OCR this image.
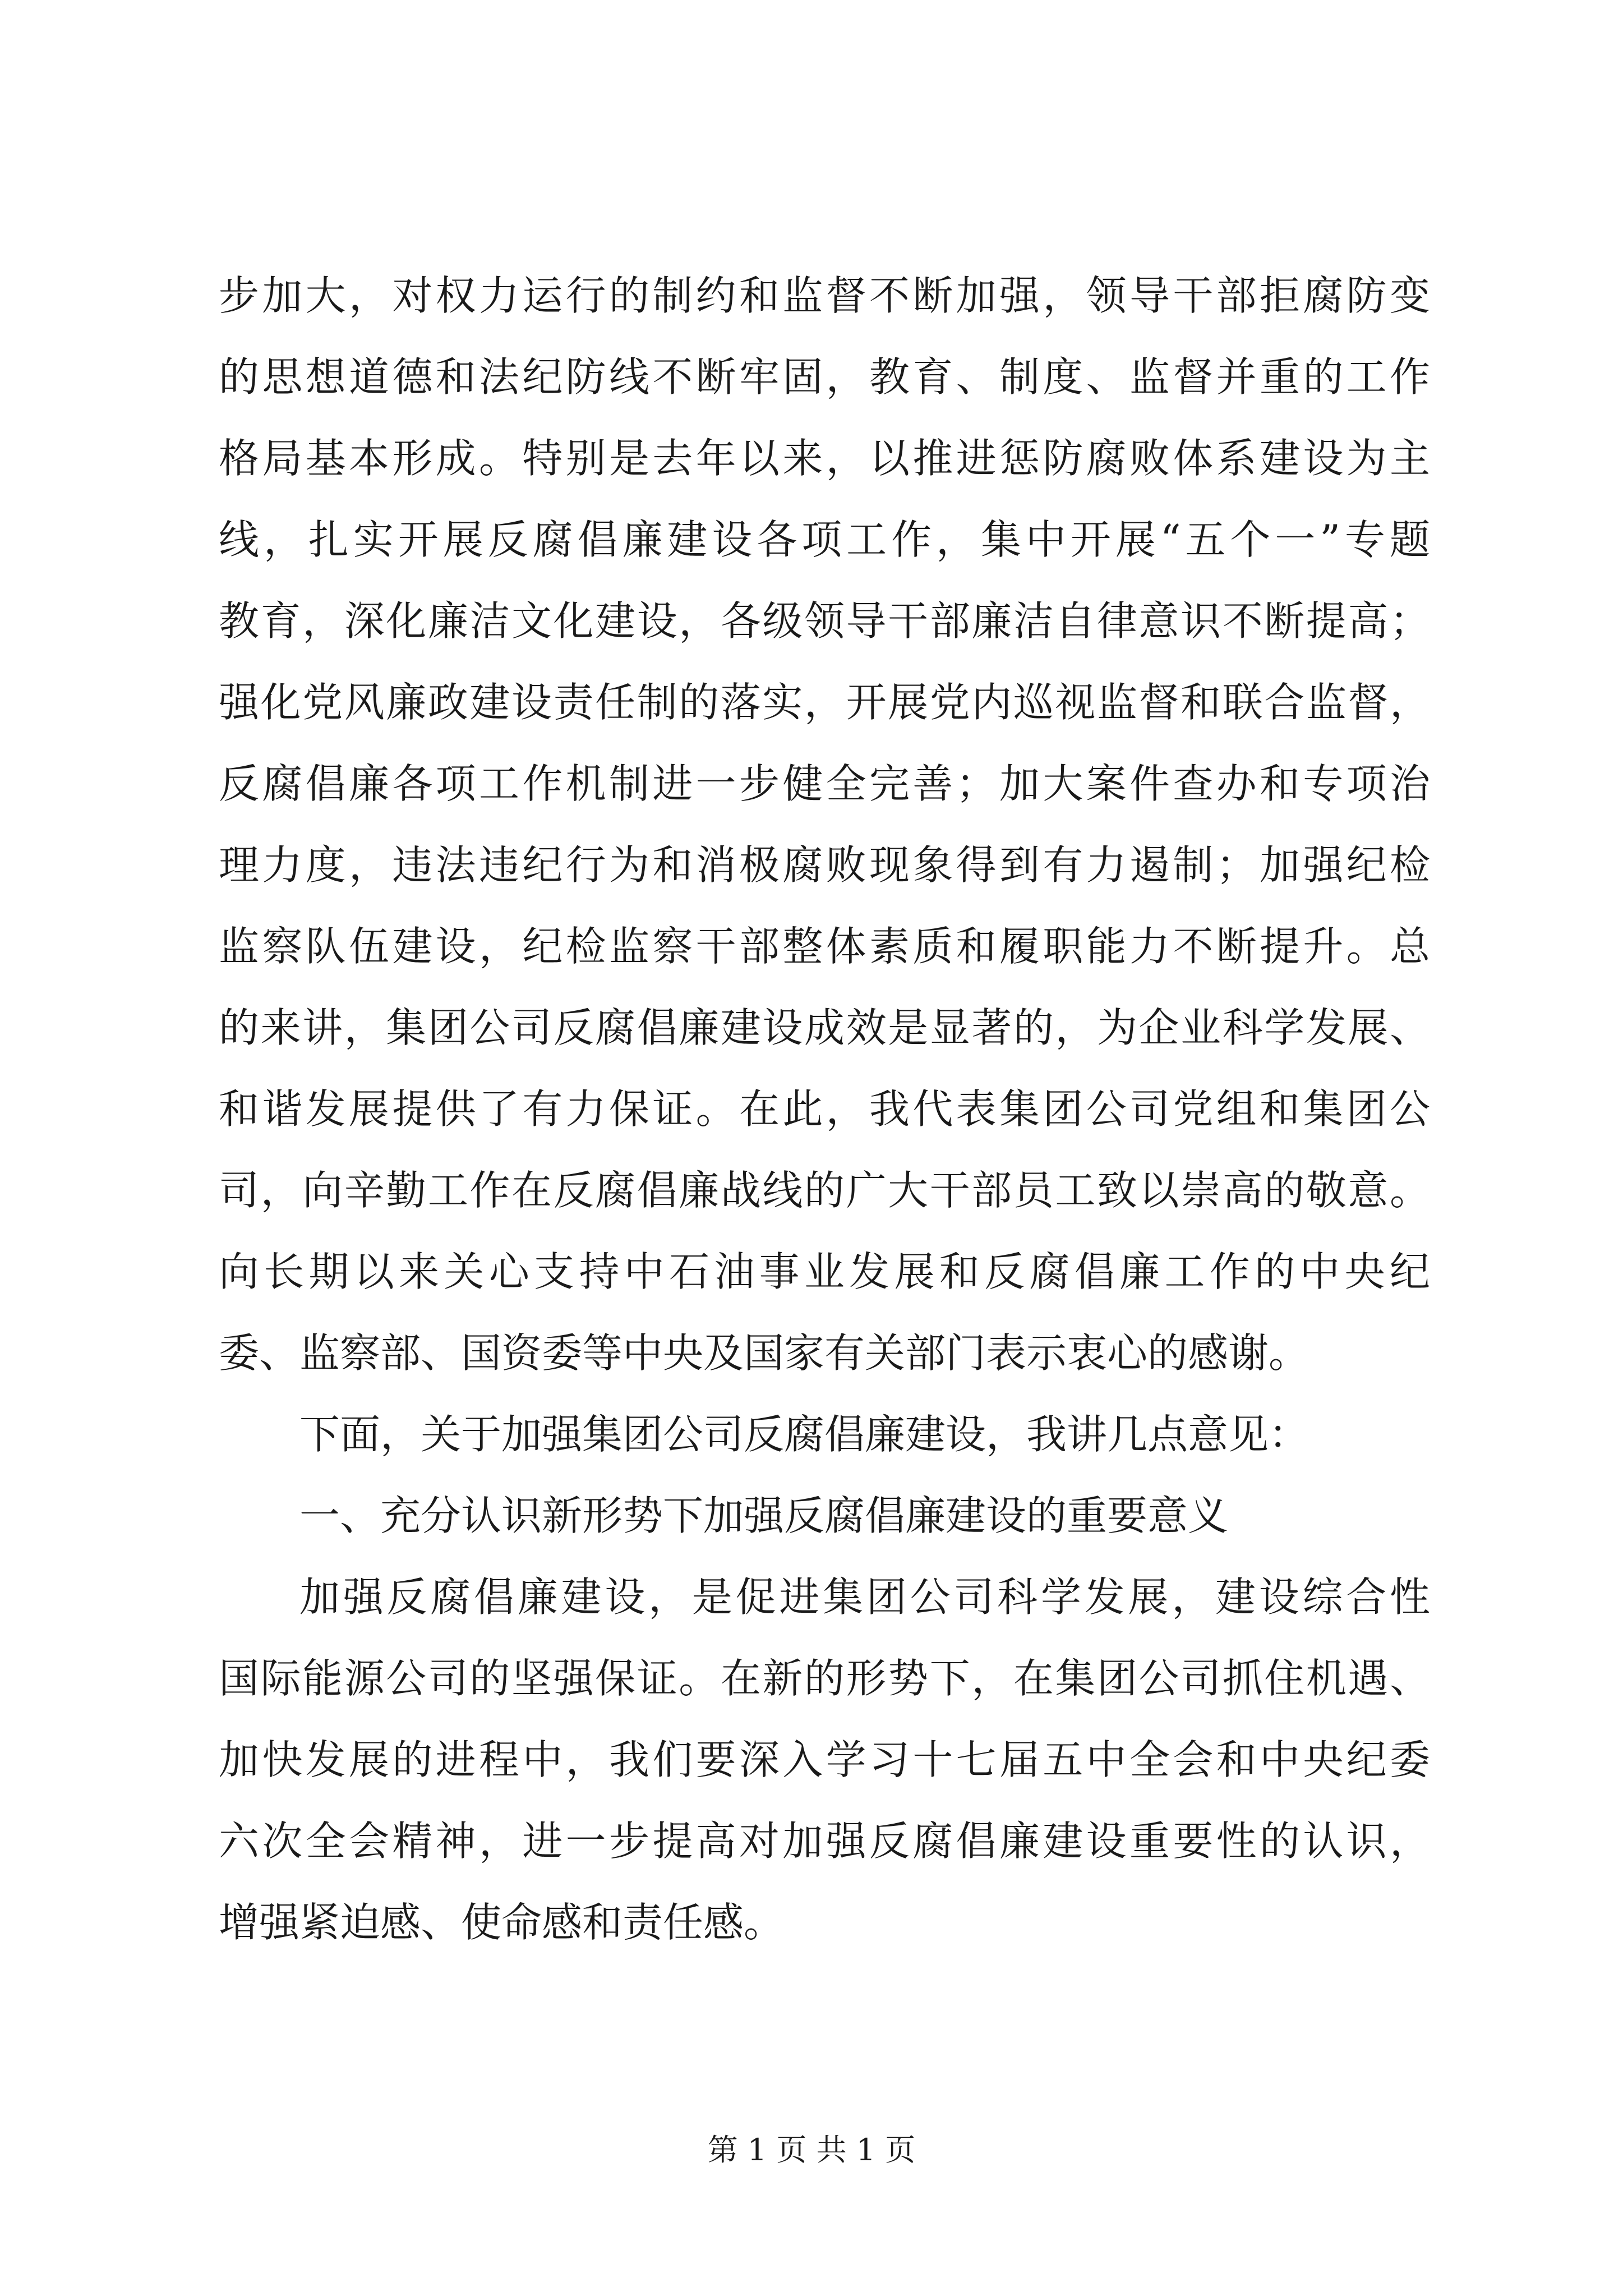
步加大，对权力运行的制约和监督不断加强，领导干部拒腐防变
的思想道德和法纪防线不断牢固，教育、制度、监督并重的工作
格局基本形成。特别是去年以来，以推进惩防腐败体系建设为主
线，扎实开展反腐倡廉建设各项工作，集中开展“五个一”专题
教育，深化廉洁文化建设，各级领导干部廉洁自律意识不断提高；
强化党风廉政建设责任制的落实，开展党内巡视监督和联合监督，
反腐倡廉各项工作机制进一步健全完善；加大案件查办和专项治
理力度，违法违纪行为和消极腐败现象得到有力遏制；加强纪检
监察队伍建设，纪检监察干部整体素质和履职能力不断提升。总
的来讲，集团公司反腐倡廉建设成效是显著的，为企业科学发展、
和谐发展提供了有力保证。在此，我代表集团公司党组和集团公
司，向辛勤工作在反腐倡廉战线的广大干部员工致以崇高的敬意。
向长期以来关心支持中石油事业发展和反腐倡廉工作的中央纪
委、监察部、国资委等中央及国家有关部门表示衷心的感谢。
下面，关于加强集团公司反腐倡廉建设，我讲几点意见：
一、充分认识新形势下加强反腐倡廉建设的重要意义
加强反腐倡廉建设，是促进集团公司科学发展，建设综合性
国际能源公司的坚强保证。在新的形势下，在集团公司抓住机遇、
加快发展的进程中，我们要深入学习十七届五中全会和中央纪委
六次全会精神，进一步提高对加强反腐倡廉建设重要性的认识，
增强紧迫感、使命感和责任感。
第 1 页 共 1 页
